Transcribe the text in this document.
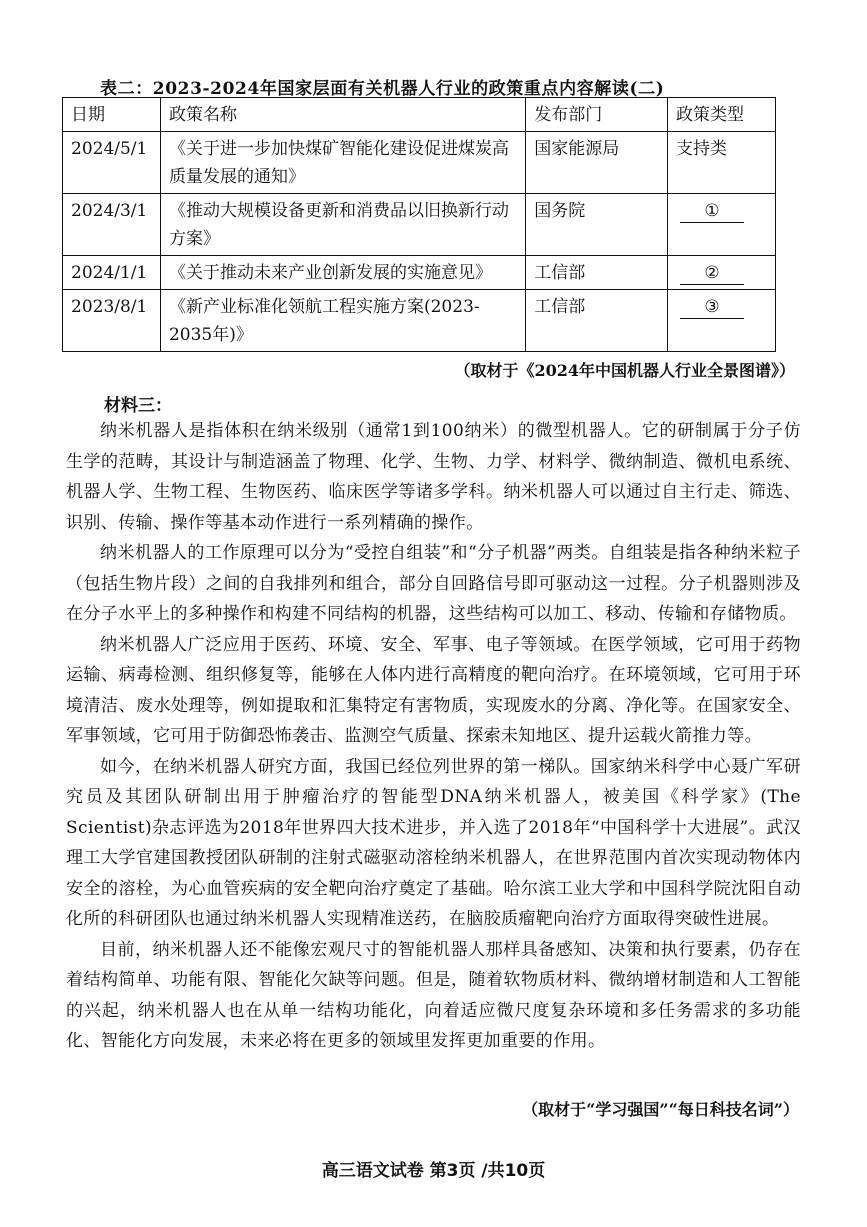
表二：2023-2024年国家层面有关机器人行业的政策重点内容解读(二)
日期	政策名称	发布部门	政策类型
2024/5/1	《关于进一步加快煤矿智能化建设促进煤炭高质量发展的通知》	国家能源局	支持类
2024/3/1	《推动大规模设备更新和消费品以旧换新行动方案》	国务院	①
2024/1/1	《关于推动未来产业创新发展的实施意见》	工信部	②
2023/8/1	《新产业标准化领航工程实施方案(2023-2035年)》	工信部	③
（取材于《2024年中国机器人行业全景图谱》）
材料三：

纳米机器人是指体积在纳米级别（通常1到100纳米）的微型机器人。它的研制属于分子仿生学的范畴，其设计与制造涵盖了物理、化学、生物、力学、材料学、微纳制造、微机电系统、机器人学、生物工程、生物医药、临床医学等诸多学科。纳米机器人可以通过自主行走、筛选、识别、传输、操作等基本动作进行一系列精确的操作。

纳米机器人的工作原理可以分为“受控自组装”和“分子机器”两类。自组装是指各种纳米粒子（包括生物片段）之间的自我排列和组合，部分自回路信号即可驱动这一过程。分子机器则涉及在分子水平上的多种操作和构建不同结构的机器，这些结构可以加工、移动、传输和存储物质。

纳米机器人广泛应用于医药、环境、安全、军事、电子等领域。在医学领域，它可用于药物运输、病毒检测、组织修复等，能够在人体内进行高精度的靶向治疗。在环境领域，它可用于环境清洁、废水处理等，例如提取和汇集特定有害物质，实现废水的分离、净化等。在国家安全、军事领域，它可用于防御恐怖袭击、监测空气质量、探索未知地区、提升运载火箭推力等。

如今，在纳米机器人研究方面，我国已经位列世界的第一梯队。国家纳米科学中心聂广军研究员及其团队研制出用于肿瘤治疗的智能型DNA纳米机器人，被美国《科学家》(The Scientist)杂志评选为2018年世界四大技术进步，并入选了2018年“中国科学十大进展”。武汉理工大学官建国教授团队研制的注射式磁驱动溶栓纳米机器人，在世界范围内首次实现动物体内安全的溶栓，为心血管疾病的安全靶向治疗奠定了基础。哈尔滨工业大学和中国科学院沈阳自动化所的科研团队也通过纳米机器人实现精准送药，在脑胶质瘤靶向治疗方面取得突破性进展。

目前，纳米机器人还不能像宏观尺寸的智能机器人那样具备感知、决策和执行要素，仍存在着结构简单、功能有限、智能化欠缺等问题。但是，随着软物质材料、微纳增材制造和人工智能的兴起，纳米机器人也在从单一结构功能化，向着适应微尺度复杂环境和多任务需求的多功能化、智能化方向发展，未来必将在更多的领域里发挥更加重要的作用。

（取材于“学习强国”“每日科技名词”）
高三语文试卷 第3页 /共10页
